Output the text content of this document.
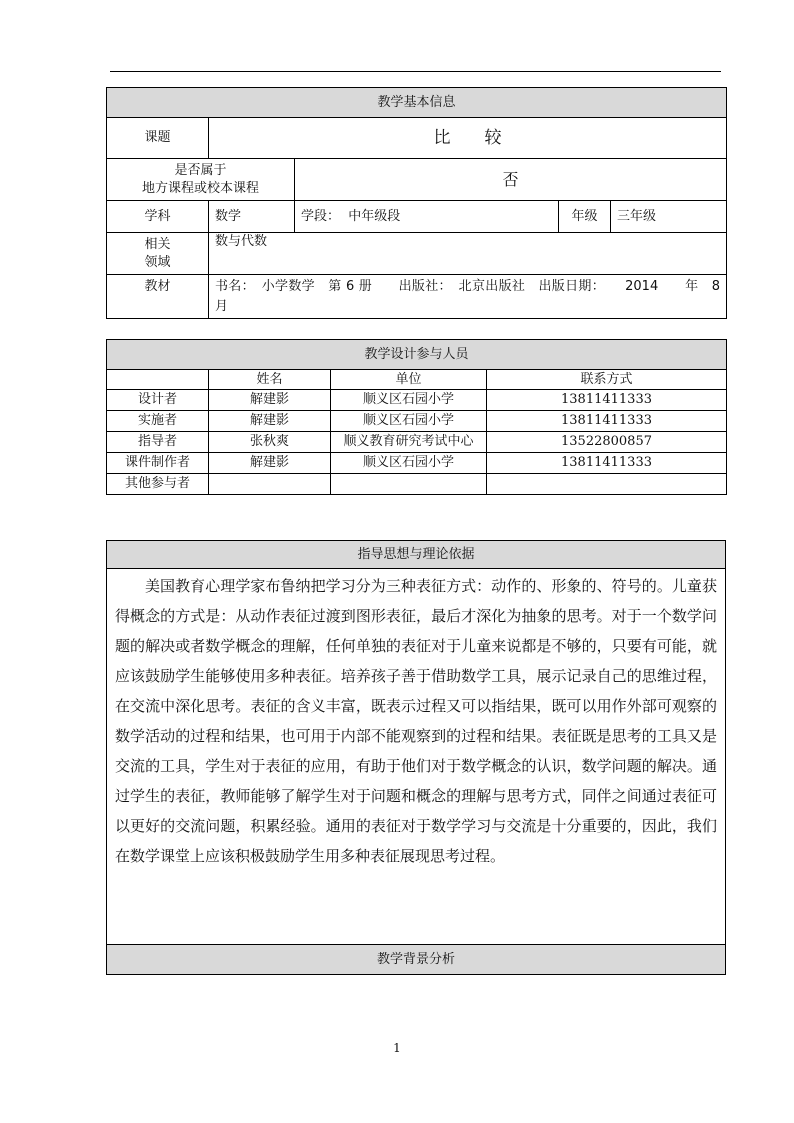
教学基本信息				
课题	比　　较			

是否属于
地方课程或校本课程		否		
学科	数学	学段： 中年级段	年级	三年级

相关
领域	数与代数			
教材	书名：　小学数学　第 6 册　　出版社：　北京出版社　出版日期：　　2014　　年　8 月			
教学设计参与人员			
	姓名	单位	联系方式
设计者	解建影	顺义区石园小学	13811411333
实施者	解建影	顺义区石园小学	13811411333
指导者	张秋爽	顺义教育研究考试中心	13522800857
课件制作者	解建影	顺义区石园小学	13811411333
其他参与者			
指导思想与理论依据
美国教育心理学家布鲁纳把学习分为三种表征方式：动作的、形象的、符号的。儿童获得概念的方式是：从动作表征过渡到图形表征，最后才深化为抽象的思考。对于一个数学问题的解决或者数学概念的理解，任何单独的表征对于儿童来说都是不够的，只要有可能，就应该鼓励学生能够使用多种表征。培养孩子善于借助数学工具，展示记录自己的思维过程，在交流中深化思考。表征的含义丰富，既表示过程又可以指结果，既可以用作外部可观察的数学活动的过程和结果，也可用于内部不能观察到的过程和结果。表征既是思考的工具又是交流的工具，学生对于表征的应用，有助于他们对于数学概念的认识，数学问题的解决。通过学生的表征，教师能够了解学生对于问题和概念的理解与思考方式，同伴之间通过表征可以更好的交流问题，积累经验。通用的表征对于数学学习与交流是十分重要的，因此，我们在数学课堂上应该积极鼓励学生用多种表征展现思考过程。
教学背景分析
1
